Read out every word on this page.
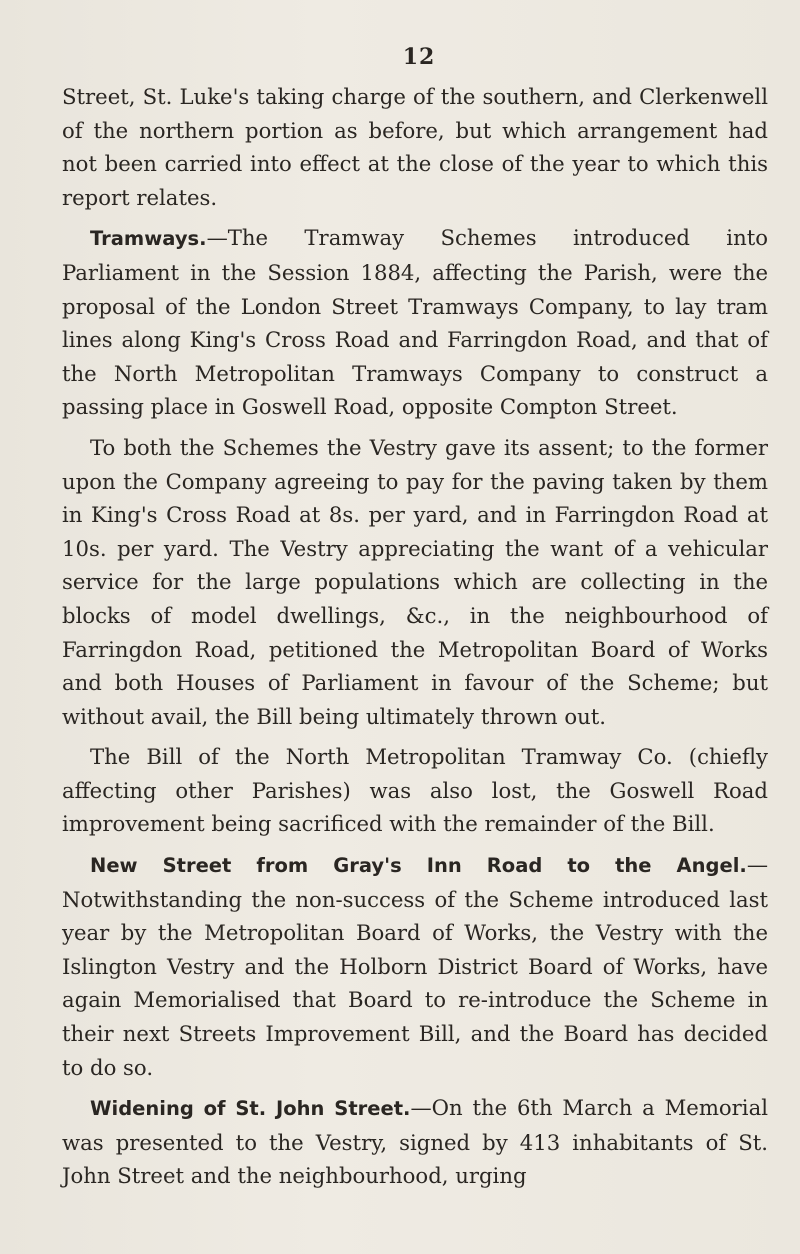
12

Street, St. Luke's taking charge of the southern, and Clerkenwell of the northern portion as before, but which arrangement had not been carried into effect at the close of the year to which this report relates.

Tramways.—The Tramway Schemes introduced into Parliament in the Session 1884, affecting the Parish, were the proposal of the London Street Tramways Company, to lay tram lines along King's Cross Road and Farringdon Road, and that of the North Metropolitan Tramways Company to construct a passing place in Goswell Road, opposite Compton Street.

To both the Schemes the Vestry gave its assent; to the former upon the Company agreeing to pay for the paving taken by them in King's Cross Road at 8s. per yard, and in Farringdon Road at 10s. per yard. The Vestry appreciating the want of a vehicular service for the large populations which are collecting in the blocks of model dwellings, &c., in the neighbourhood of Farringdon Road, petitioned the Metropolitan Board of Works and both Houses of Parliament in favour of the Scheme; but without avail, the Bill being ultimately thrown out.

The Bill of the North Metropolitan Tramway Co. (chiefly affecting other Parishes) was also lost, the Goswell Road improvement being sacrificed with the remainder of the Bill.

New Street from Gray's Inn Road to the Angel.— Notwithstanding the non-success of the Scheme introduced last year by the Metropolitan Board of Works, the Vestry with the Islington Vestry and the Holborn District Board of Works, have again Memorialised that Board to re-introduce the Scheme in their next Streets Improvement Bill, and the Board has decided to do so.

Widening of St. John Street.—On the 6th March a Memorial was presented to the Vestry, signed by 413 inhabitants of St. John Street and the neighbourhood, urging
